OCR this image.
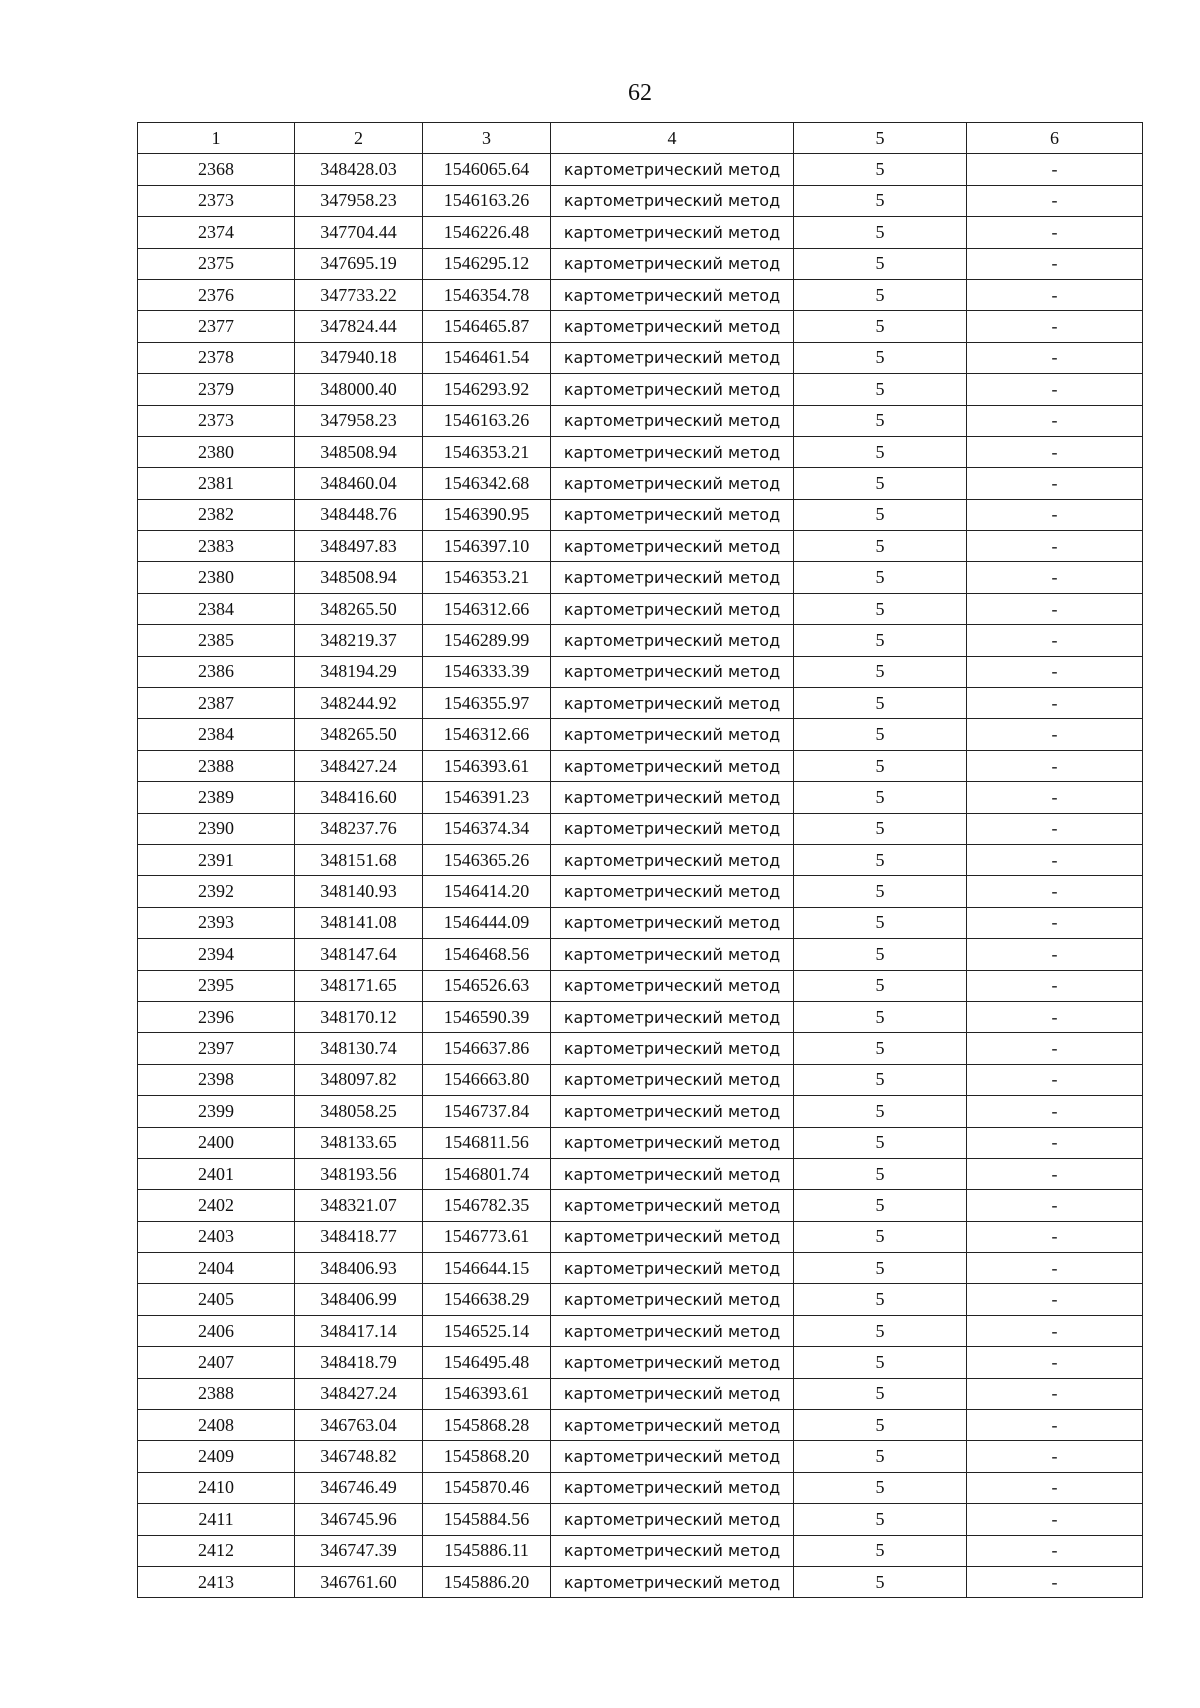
62
1	2	3	4	5	6
2368	348428.03	1546065.64	картометрический метод	5	-
2373	347958.23	1546163.26	картометрический метод	5	-
2374	347704.44	1546226.48	картометрический метод	5	-
2375	347695.19	1546295.12	картометрический метод	5	-
2376	347733.22	1546354.78	картометрический метод	5	-
2377	347824.44	1546465.87	картометрический метод	5	-
2378	347940.18	1546461.54	картометрический метод	5	-
2379	348000.40	1546293.92	картометрический метод	5	-
2373	347958.23	1546163.26	картометрический метод	5	-
2380	348508.94	1546353.21	картометрический метод	5	-
2381	348460.04	1546342.68	картометрический метод	5	-
2382	348448.76	1546390.95	картометрический метод	5	-
2383	348497.83	1546397.10	картометрический метод	5	-
2380	348508.94	1546353.21	картометрический метод	5	-
2384	348265.50	1546312.66	картометрический метод	5	-
2385	348219.37	1546289.99	картометрический метод	5	-
2386	348194.29	1546333.39	картометрический метод	5	-
2387	348244.92	1546355.97	картометрический метод	5	-
2384	348265.50	1546312.66	картометрический метод	5	-
2388	348427.24	1546393.61	картометрический метод	5	-
2389	348416.60	1546391.23	картометрический метод	5	-
2390	348237.76	1546374.34	картометрический метод	5	-
2391	348151.68	1546365.26	картометрический метод	5	-
2392	348140.93	1546414.20	картометрический метод	5	-
2393	348141.08	1546444.09	картометрический метод	5	-
2394	348147.64	1546468.56	картометрический метод	5	-
2395	348171.65	1546526.63	картометрический метод	5	-
2396	348170.12	1546590.39	картометрический метод	5	-
2397	348130.74	1546637.86	картометрический метод	5	-
2398	348097.82	1546663.80	картометрический метод	5	-
2399	348058.25	1546737.84	картометрический метод	5	-
2400	348133.65	1546811.56	картометрический метод	5	-
2401	348193.56	1546801.74	картометрический метод	5	-
2402	348321.07	1546782.35	картометрический метод	5	-
2403	348418.77	1546773.61	картометрический метод	5	-
2404	348406.93	1546644.15	картометрический метод	5	-
2405	348406.99	1546638.29	картометрический метод	5	-
2406	348417.14	1546525.14	картометрический метод	5	-
2407	348418.79	1546495.48	картометрический метод	5	-
2388	348427.24	1546393.61	картометрический метод	5	-
2408	346763.04	1545868.28	картометрический метод	5	-
2409	346748.82	1545868.20	картометрический метод	5	-
2410	346746.49	1545870.46	картометрический метод	5	-
2411	346745.96	1545884.56	картометрический метод	5	-
2412	346747.39	1545886.11	картометрический метод	5	-
2413	346761.60	1545886.20	картометрический метод	5	-
